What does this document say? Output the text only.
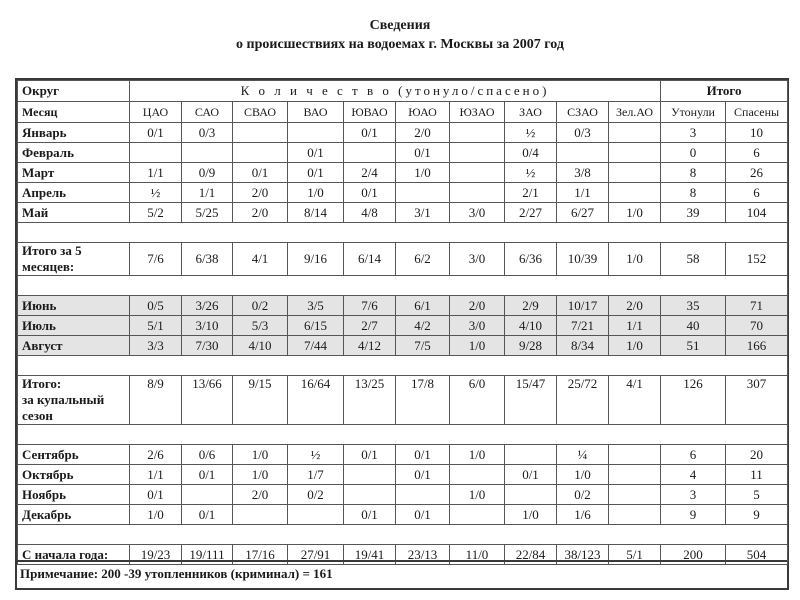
Сведения
о происшествиях на водоемах г. Москвы за 2007 год
Округ	К о л и ч е с т в о (утонуло/спасено)										Итого	
Месяц	ЦАО	САО	СВАО	ВАО	ЮВАО	ЮАО	ЮЗАО	ЗАО	СЗАО	Зел.АО	Утонули	Спасены
Январь	0/1	0/3			0/1	2/0		½	0/3		3	10
Февраль				0/1		0/1		0/4			0	6
Март	1/1	0/9	0/1	0/1	2/4	1/0		½	3/8		8	26
Апрель	½	1/1	2/0	1/0	0/1			2/1	1/1		8	6
Май	5/2	5/25	2/0	8/14	4/8	3/1	3/0	2/27	6/27	1/0	39	104

Итого за 5
месяцев:	7/6	6/38	4/1	9/16	6/14	6/2	3/0	6/36	10/39	1/0	58	152

Июнь	0/5	3/26	0/2	3/5	7/6	6/1	2/0	2/9	10/17	2/0	35	71
Июль	5/1	3/10	5/3	6/15	2/7	4/2	3/0	4/10	7/21	1/1	40	70
Август	3/3	7/30	4/10	7/44	4/12	7/5	1/0	9/28	8/34	1/0	51	166

Итого:
за купальный
сезон	8/9	13/66	9/15	16/64	13/25	17/8	6/0	15/47	25/72	4/1	126	307

Сентябрь	2/6	0/6	1/0	½	0/1	0/1	1/0		¼		6	20
Октябрь	1/1	0/1	1/0	1/7		0/1		0/1	1/0		4	11
Ноябрь	0/1		2/0	0/2			1/0		0/2		3	5
Декабрь	1/0	0/1			0/1	0/1		1/0	1/6		9	9

С начала года:	19/23	19/111	17/16	27/91	19/41	23/13	11/0	22/84	38/123	5/1	200	504
Примечание: 200 -39 утопленников (криминал) = 161
